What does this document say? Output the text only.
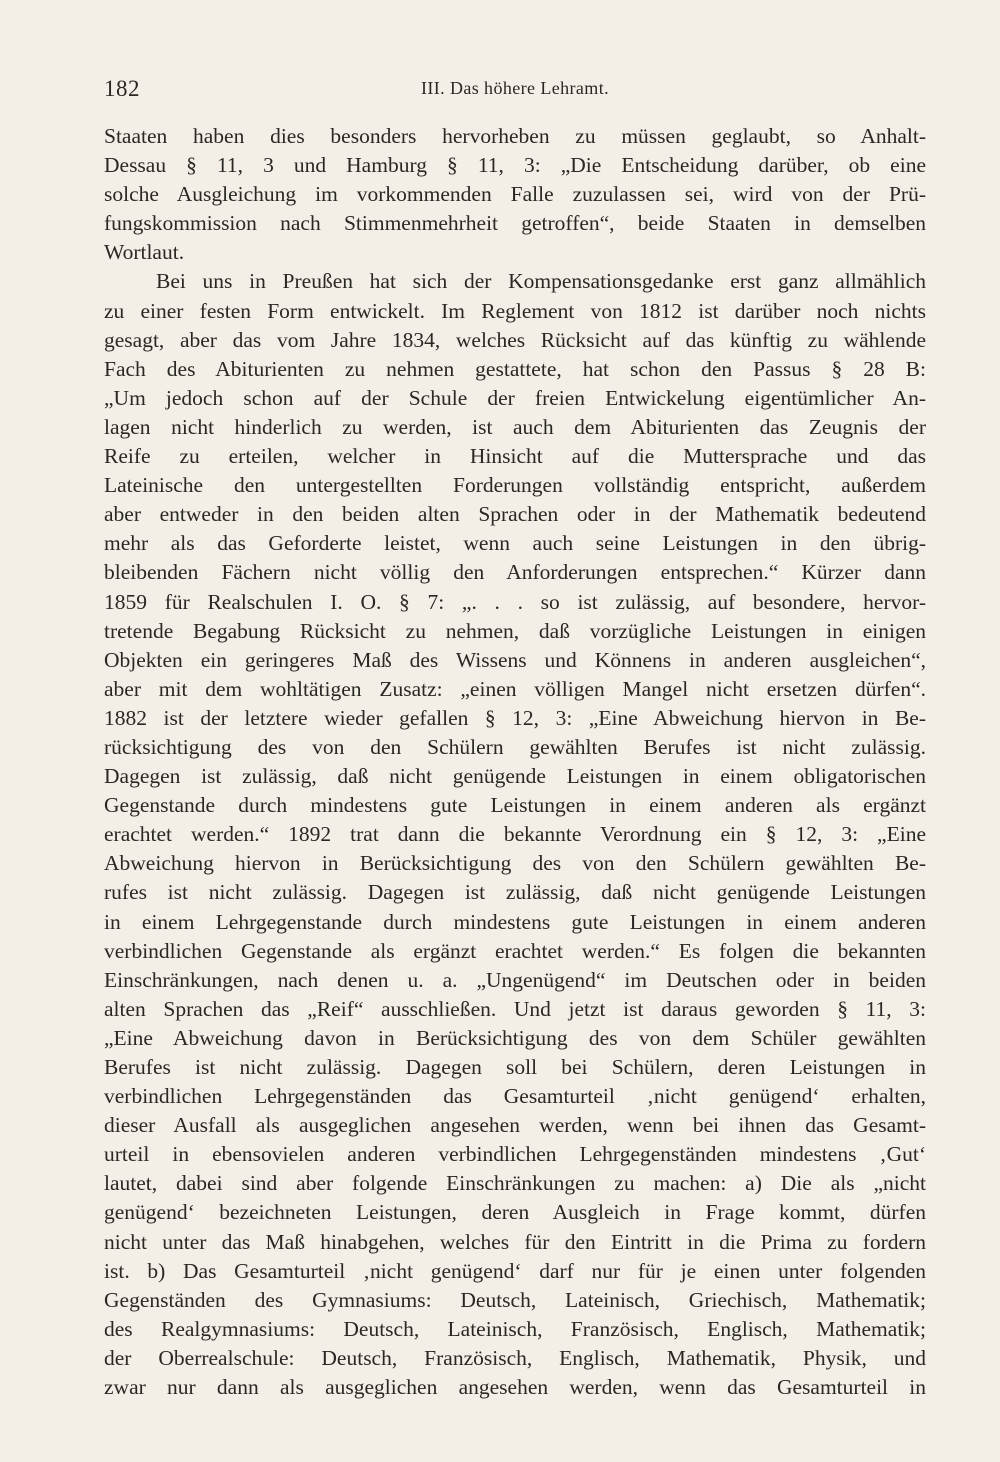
182	III. Das höhere Lehramt.
Staaten haben dies besonders hervorheben zu müssen geglaubt, so Anhalt-
Dessau § 11, 3 und Hamburg § 11, 3: „Die Entscheidung darüber, ob eine
solche Ausgleichung im vorkommenden Falle zuzulassen sei, wird von der Prü-
fungskommission nach Stimmenmehrheit getroffen“, beide Staaten in demselben
Wortlaut.
Bei uns in Preußen hat sich der Kompensationsgedanke erst ganz allmählich
zu einer festen Form entwickelt. Im Reglement von 1812 ist darüber noch nichts
gesagt, aber das vom Jahre 1834, welches Rücksicht auf das künftig zu wählende
Fach des Abiturienten zu nehmen gestattete, hat schon den Passus § 28 B:
„Um jedoch schon auf der Schule der freien Entwickelung eigentümlicher An-
lagen nicht hinderlich zu werden, ist auch dem Abiturienten das Zeugnis der
Reife zu erteilen, welcher in Hinsicht auf die Muttersprache und das
Lateinische den untergestellten Forderungen vollständig entspricht, außerdem
aber entweder in den beiden alten Sprachen oder in der Mathematik bedeutend
mehr als das Geforderte leistet, wenn auch seine Leistungen in den übrig-
bleibenden Fächern nicht völlig den Anforderungen entsprechen.“ Kürzer dann
1859 für Realschulen I. O. § 7: „. . . so ist zulässig, auf besondere, hervor-
tretende Begabung Rücksicht zu nehmen, daß vorzügliche Leistungen in einigen
Objekten ein geringeres Maß des Wissens und Könnens in anderen ausgleichen“,
aber mit dem wohltätigen Zusatz: „einen völligen Mangel nicht ersetzen dürfen“.
1882 ist der letztere wieder gefallen § 12, 3: „Eine Abweichung hiervon in Be-
rücksichtigung des von den Schülern gewählten Berufes ist nicht zulässig.
Dagegen ist zulässig, daß nicht genügende Leistungen in einem obligatorischen
Gegenstande durch mindestens gute Leistungen in einem anderen als ergänzt
erachtet werden.“ 1892 trat dann die bekannte Verordnung ein § 12, 3: „Eine
Abweichung hiervon in Berücksichtigung des von den Schülern gewählten Be-
rufes ist nicht zulässig. Dagegen ist zulässig, daß nicht genügende Leistungen
in einem Lehrgegenstande durch mindestens gute Leistungen in einem anderen
verbindlichen Gegenstande als ergänzt erachtet werden.“ Es folgen die bekannten
Einschränkungen, nach denen u. a. „Ungenügend“ im Deutschen oder in beiden
alten Sprachen das „Reif“ ausschließen. Und jetzt ist daraus geworden § 11, 3:
„Eine Abweichung davon in Berücksichtigung des von dem Schüler gewählten
Berufes ist nicht zulässig. Dagegen soll bei Schülern, deren Leistungen in
verbindlichen Lehrgegenständen das Gesamturteil ‚nicht genügend‘ erhalten,
dieser Ausfall als ausgeglichen angesehen werden, wenn bei ihnen das Gesamt-
urteil in ebensovielen anderen verbindlichen Lehrgegenständen mindestens ‚Gut‘
lautet, dabei sind aber folgende Einschränkungen zu machen: a) Die als „nicht
genügend‘ bezeichneten Leistungen, deren Ausgleich in Frage kommt, dürfen
nicht unter das Maß hinabgehen, welches für den Eintritt in die Prima zu fordern
ist. b) Das Gesamturteil ‚nicht genügend‘ darf nur für je einen unter folgenden
Gegenständen des Gymnasiums: Deutsch, Lateinisch, Griechisch, Mathematik;
des Realgymnasiums: Deutsch, Lateinisch, Französisch, Englisch, Mathematik;
der Oberrealschule: Deutsch, Französisch, Englisch, Mathematik, Physik, und
zwar nur dann als ausgeglichen angesehen werden, wenn das Gesamturteil in
